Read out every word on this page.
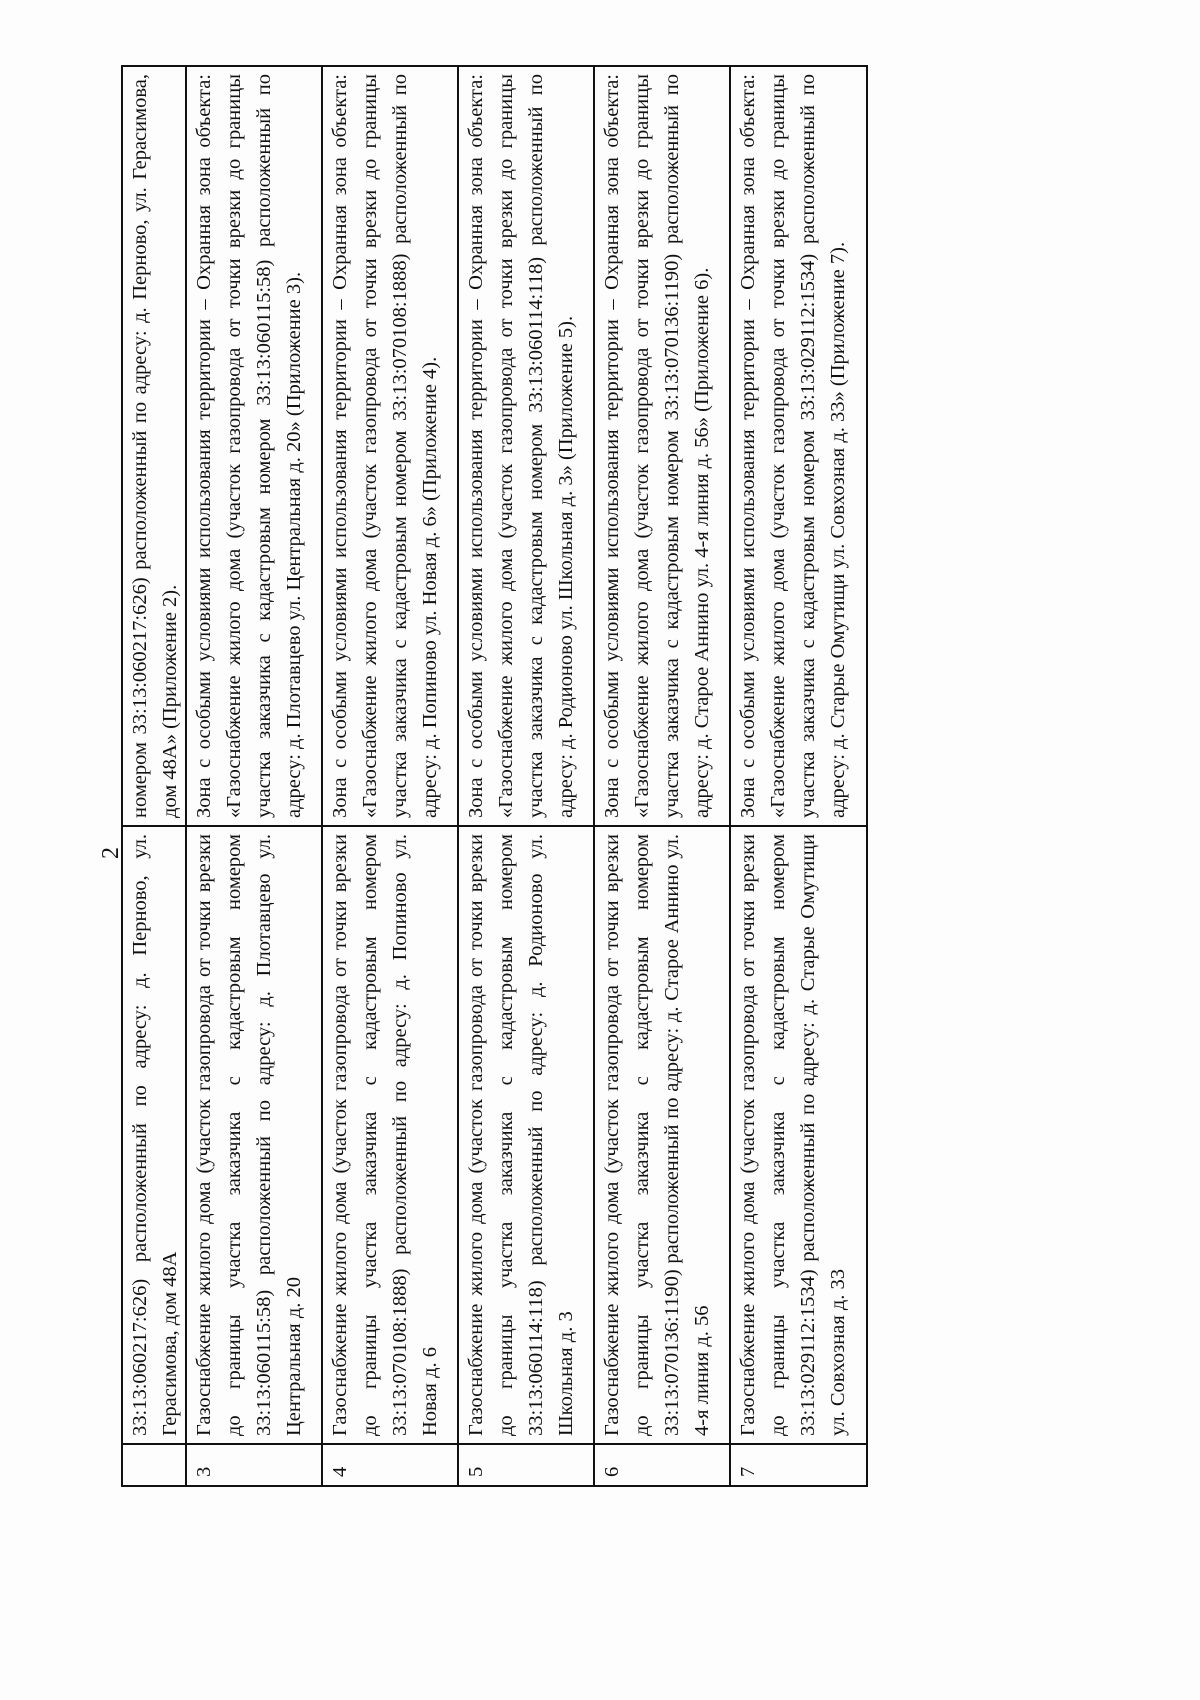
2
	33:13:060217:626) расположенный по адресу: д. Перново, ул. Герасимова, дом 48А	номером 33:13:060217:626) расположенный по адресу: д. Перново, ул. Герасимова, дом 48А» (Приложение 2).
3	Газоснабжение жилого дома (участок газопровода от точки врезки до границы участка заказчика с кадастровым номером 33:13:060115:58) расположенный по адресу: д. Плотавцево ул. Центральная д. 20	Зона с особыми условиями использования территории – Охранная зона объекта: «Газоснабжение жилого дома (участок газопровода от точки врезки до границы участка заказчика с кадастровым номером 33:13:060115:58) расположенный по адресу: д. Плотавцево ул. Центральная д. 20» (Приложение 3).
4	Газоснабжение жилого дома (участок газопровода от точки врезки до границы участка заказчика с кадастровым номером 33:13:070108:1888) расположенный по адресу: д. Попиново ул. Новая д. 6	Зона с особыми условиями использования территории – Охранная зона объекта: «Газоснабжение жилого дома (участок газопровода от точки врезки до границы участка заказчика с кадастровым номером 33:13:070108:1888) расположенный по адресу: д. Попиново ул. Новая д. 6» (Приложение 4).
5	Газоснабжение жилого дома (участок газопровода от точки врезки до границы участка заказчика с кадастровым номером 33:13:060114:118) расположенный по адресу: д. Родионово ул. Школьная д. 3	Зона с особыми условиями использования территории – Охранная зона объекта: «Газоснабжение жилого дома (участок газопровода от точки врезки до границы участка заказчика с кадастровым номером 33:13:060114:118) расположенный по адресу: д. Родионово ул. Школьная д. 3» (Приложение 5).
6	Газоснабжение жилого дома (участок газопровода от точки врезки до границы участка заказчика с кадастровым номером 33:13:070136:1190) расположенный по адресу: д. Старое Аннино ул. 4-я линия д. 56	Зона с особыми условиями использования территории – Охранная зона объекта: «Газоснабжение жилого дома (участок газопровода от точки врезки до границы участка заказчика с кадастровым номером 33:13:070136:1190) расположенный по адресу: д. Старое Аннино ул. 4-я линия д. 56» (Приложение 6).
7	Газоснабжение жилого дома (участок газопровода от точки врезки до границы участка заказчика с кадастровым номером 33:13:029112:1534) расположенный по адресу: д. Старые Омутищи ул. Совхозная д. 33	Зона с особыми условиями использования территории – Охранная зона объекта: «Газоснабжение жилого дома (участок газопровода от точки врезки до границы участка заказчика с кадастровым номером 33:13:029112:1534) расположенный по адресу: д. Старые Омутищи ул. Совхозная д. 33» (Приложение 7).
